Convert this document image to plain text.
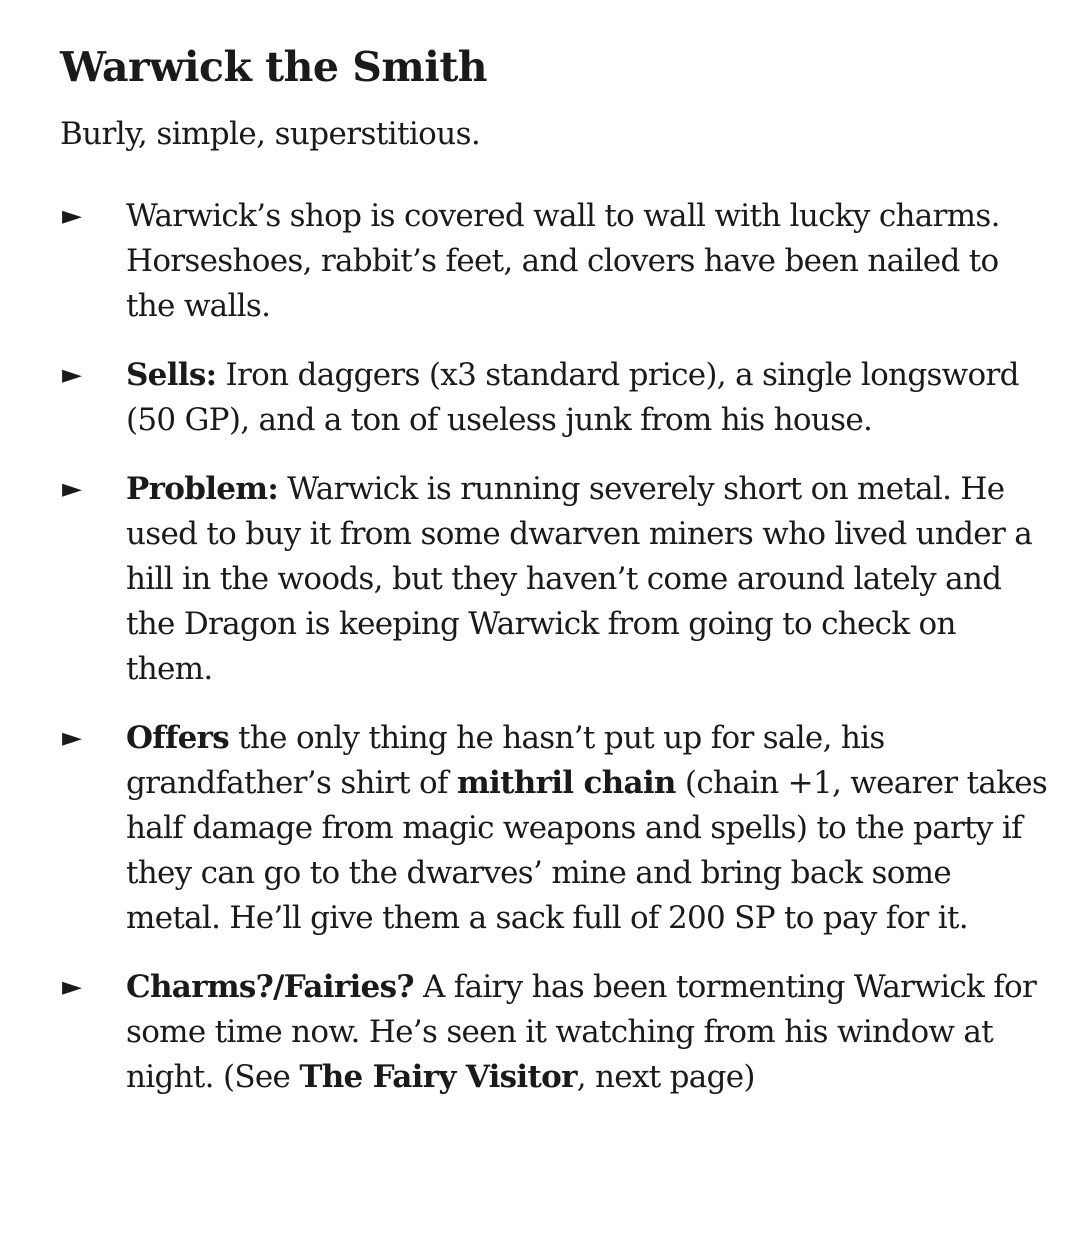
Warwick the Smith

Burly, simple, superstitious.

► Warwick’s shop is covered wall to wall with lucky charms. Horseshoes, rabbit’s feet, and clovers have been nailed to the walls.
► Sells: Iron daggers (x3 standard price), a single longsword (50 GP), and a ton of useless junk from his house.
► Problem: Warwick is running severely short on metal. He used to buy it from some dwarven miners who lived under a hill in the woods, but they haven’t come around lately and the Dragon is keeping Warwick from going to check on them.
► Offers the only thing he hasn’t put up for sale, his grandfather’s shirt of mithril chain (chain +1, wearer takes half damage from magic weapons and spells) to the party if they can go to the dwarves’ mine and bring back some metal. He’ll give them a sack full of 200 SP to pay for it.
► Charms?/Fairies? A fairy has been tormenting Warwick for some time now. He’s seen it watching from his window at night. (See The Fairy Visitor, next page)
